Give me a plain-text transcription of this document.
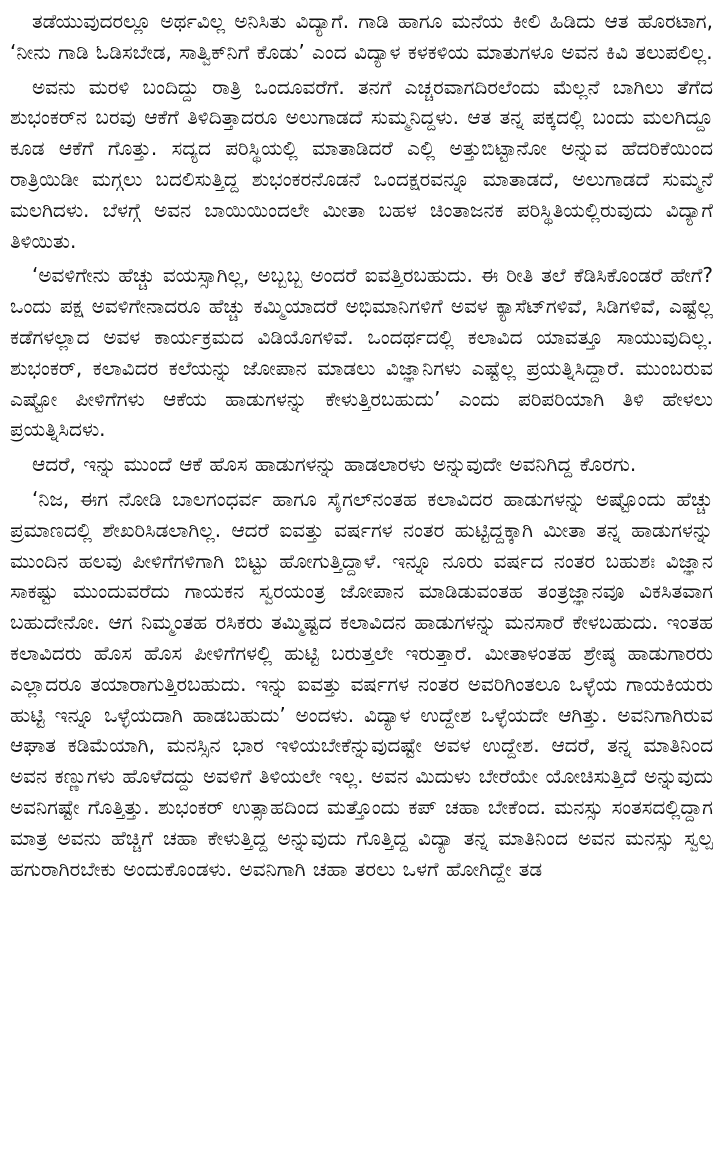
ತಡೆಯುವುದರಲ್ಲೂ ಅರ್ಥವಿಲ್ಲ ಅನಿಸಿತು ವಿದ್ಯಾಗೆ. ಗಾಡಿ ಹಾಗೂ ಮನೆಯ ಕೀಲಿ ಹಿಡಿದು ಆತ ಹೊರಟಾಗ, ‘ನೀನು ಗಾಡಿ ಓಡಿಸಬೇಡ, ಸಾತ್ವಿಕ್‌ನಿಗೆ ಕೊಡು’ ಎಂದ ವಿದ್ಯಾಳ ಕಳಕಳಿಯ ಮಾತುಗಳೂ ಅವನ ಕಿವಿ ತಲುಪಲಿಲ್ಲ.

ಅವನು ಮರಳಿ ಬಂದಿದ್ದು ರಾತ್ರಿ ಒಂದೂವರೆಗೆ. ತನಗೆ ಎಚ್ಚರವಾಗದಿರಲೆಂದು ಮೆಲ್ಲನೆ ಬಾಗಿಲು ತೆಗೆದ ಶುಭಂಕರ್‌ನ ಬರವು ಆಕೆಗೆ ತಿಳಿದಿತ್ತಾದರೂ ಅಲುಗಾಡದೆ ಸುಮ್ಮನಿದ್ದಳು. ಆತ ತನ್ನ ಪಕ್ಕದಲ್ಲಿ ಬಂದು ಮಲಗಿದ್ದೂ ಕೂಡ ಆಕೆಗೆ ಗೊತ್ತು. ಸದ್ಯದ ಪರಿಸ್ಥಿಯಲ್ಲಿ ಮಾತಾಡಿದರೆ ಎಲ್ಲಿ ಅತ್ತುಬಿಟ್ಟಾನೋ ಅನ್ನುವ ಹೆದರಿಕೆಯಿಂದ ರಾತ್ರಿಯಿಡೀ ಮಗ್ಗಲು ಬದಲಿಸುತ್ತಿದ್ದ ಶುಭಂಕರನೊಡನೆ ಒಂದಕ್ಷರವನ್ನೂ ಮಾತಾಡದೆ, ಅಲುಗಾಡದೆ ಸುಮ್ಮನೆ ಮಲಗಿದಳು. ಬೆಳಗ್ಗೆ ಅವನ ಬಾಯಿಯಿಂದಲೇ ಮೀತಾ ಬಹಳ ಚಿಂತಾಜನಕ ಪರಿಸ್ಥಿತಿಯಲ್ಲಿರುವುದು ವಿದ್ಯಾಗೆ ತಿಳಿಯಿತು.

‘ಅವಳಿಗೇನು ಹೆಚ್ಚು ವಯಸ್ಸಾಗಿಲ್ಲ, ಅಬ್ಬಬ್ಬ ಅಂದರೆ ಐವತ್ತಿರಬಹುದು. ಈ ರೀತಿ ತಲೆ ಕೆಡಿಸಿಕೊಂಡರೆ ಹೇಗೆ? ಒಂದು ಪಕ್ಷ ಅವಳಿಗೇನಾದರೂ ಹೆಚ್ಚು ಕಮ್ಮಿಯಾದರೆ ಅಭಿಮಾನಿಗಳಿಗೆ ಅವಳ ಕ್ಯಾಸೆಟ್‌ಗಳಿವೆ, ಸಿಡಿಗಳಿವೆ, ಎಷ್ಟೆಲ್ಲ ಕಡೆಗಳಲ್ಲಾದ ಅವಳ ಕಾರ್ಯಕ್ರಮದ ವಿಡಿಯೊಗಳಿವೆ. ಒಂದರ್ಥದಲ್ಲಿ ಕಲಾವಿದ ಯಾವತ್ತೂ ಸಾಯುವುದಿಲ್ಲ. ಶುಭಂಕರ್, ಕಲಾವಿದರ ಕಲೆಯನ್ನು ಜೋಪಾನ ಮಾಡಲು ವಿಜ್ಞಾನಿಗಳು ಎಷ್ಟೆಲ್ಲ ಪ್ರಯತ್ನಿಸಿದ್ದಾರೆ. ಮುಂಬರುವ ಎಷ್ಟೋ ಪೀಳಿಗೆಗಳು ಆಕೆಯ ಹಾಡುಗಳನ್ನು ಕೇಳುತ್ತಿರಬಹುದು’ ಎಂದು ಪರಿಪರಿಯಾಗಿ ತಿಳಿ ಹೇಳಲು ಪ್ರಯತ್ನಿಸಿದಳು.

ಆದರೆ, ಇನ್ನು ಮುಂದೆ ಆಕೆ ಹೊಸ ಹಾಡುಗಳನ್ನು ಹಾಡಲಾರಳು ಅನ್ನುವುದೇ ಅವನಿಗಿದ್ದ ಕೊರಗು.

‘ನಿಜ, ಈಗ ನೋಡಿ ಬಾಲಗಂಧರ್ವ ಹಾಗೂ ಸೈಗಲ್‌ನಂತಹ ಕಲಾವಿದರ ಹಾಡುಗಳನ್ನು ಅಷ್ಟೊಂದು ಹೆಚ್ಚು ಪ್ರಮಾಣದಲ್ಲಿ ಶೇಖರಿಸಿಡಲಾಗಿಲ್ಲ. ಆದರೆ ಐವತ್ತು ವರ್ಷಗಳ ನಂತರ ಹುಟ್ಟಿದ್ದಕ್ಕಾಗಿ ಮೀತಾ ತನ್ನ ಹಾಡುಗಳನ್ನು ಮುಂದಿನ ಹಲವು ಪೀಳಿಗೆಗಳಿಗಾಗಿ ಬಿಟ್ಟು ಹೋಗುತ್ತಿದ್ದಾಳೆ. ಇನ್ನೂ ನೂರು ವರ್ಷದ ನಂತರ ಬಹುಶಃ ವಿಜ್ಞಾನ ಸಾಕಷ್ಟು ಮುಂದುವರೆದು ಗಾಯಕನ ಸ್ವರಯಂತ್ರ ಜೋಪಾನ ಮಾಡಿಡುವಂತಹ ತಂತ್ರಜ್ಞಾನವೂ ವಿಕಸಿತವಾಗ ಬಹುದೇನೋ. ಆಗ ನಿಮ್ಮಂತಹ ರಸಿಕರು ತಮ್ಮಿಷ್ಟದ ಕಲಾವಿದನ ಹಾಡುಗಳನ್ನು ಮನಸಾರೆ ಕೇಳಬಹುದು. ಇಂತಹ ಕಲಾವಿದರು ಹೊಸ ಹೊಸ ಪೀಳಿಗೆಗಳಲ್ಲಿ ಹುಟ್ಟಿ ಬರುತ್ತಲೇ ಇರುತ್ತಾರೆ. ಮೀತಾಳಂತಹ ಶ್ರೇಷ್ಠ ಹಾಡುಗಾರರು ಎಲ್ಲಾದರೂ ತಯಾರಾಗುತ್ತಿರಬಹುದು. ಇನ್ನು ಐವತ್ತು ವರ್ಷಗಳ ನಂತರ ಅವರಿಗಿಂತಲೂ ಒಳ್ಳೆಯ ಗಾಯಕಿಯರು ಹುಟ್ಟಿ ಇನ್ನೂ ಒಳ್ಳೆಯದಾಗಿ ಹಾಡಬಹುದು’ ಅಂದಳು. ವಿದ್ಯಾಳ ಉದ್ದೇಶ ಒಳ್ಳೆಯದೇ ಆಗಿತ್ತು. ಅವನಿಗಾಗಿರುವ ಆಘಾತ ಕಡಿಮೆಯಾಗಿ, ಮನಸ್ಸಿನ ಭಾರ ಇಳಿಯಬೇಕೆನ್ನುವುದಷ್ಟೇ ಅವಳ ಉದ್ದೇಶ. ಆದರೆ, ತನ್ನ ಮಾತಿನಿಂದ ಅವನ ಕಣ್ಣುಗಳು ಹೊಳೆದದ್ದು ಅವಳಿಗೆ ತಿಳಿಯಲೇ ಇಲ್ಲ. ಅವನ ಮಿದುಳು ಬೇರೆಯೇ ಯೋಚಿಸುತ್ತಿದೆ ಅನ್ನುವುದು ಅವನಿಗಷ್ಟೇ ಗೊತ್ತಿತ್ತು. ಶುಭಂಕರ್ ಉತ್ಸಾಹದಿಂದ ಮತ್ತೊಂದು ಕಪ್ ಚಹಾ ಬೇಕೆಂದ. ಮನಸ್ಸು ಸಂತಸದಲ್ಲಿದ್ದಾಗ ಮಾತ್ರ ಅವನು ಹೆಚ್ಚಿಗೆ ಚಹಾ ಕೇಳುತ್ತಿದ್ದ ಅನ್ನುವುದು ಗೊತ್ತಿದ್ದ ವಿದ್ಯಾ ತನ್ನ ಮಾತಿನಿಂದ ಅವನ ಮನಸ್ಸು ಸ್ವಲ್ಪ ಹಗುರಾಗಿರಬೇಕು ಅಂದುಕೊಂಡಳು. ಅವನಿಗಾಗಿ ಚಹಾ ತರಲು ಒಳಗೆ ಹೋಗಿದ್ದೇ ತಡ
